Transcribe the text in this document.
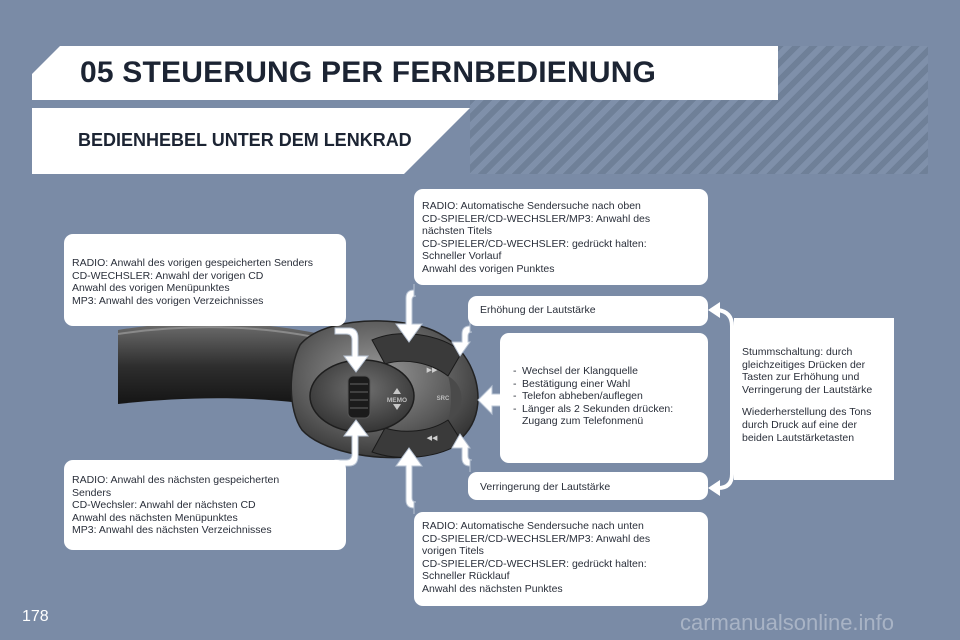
05 STEUERUNG PER FERNBEDIENUNG
BEDIENHEBEL UNTER DEM LENKRAD
MEMO	SRC
▶▶
◀◀
RADIO: Anwahl des vorigen gespeicherten Senders
CD-WECHSLER: Anwahl der vorigen CD
Anwahl des vorigen Menüpunktes
MP3: Anwahl des vorigen Verzeichnisses
RADIO: Automatische Sendersuche nach oben
CD-SPIELER/CD-WECHSLER/MP3: Anwahl des
nächsten Titels
CD-SPIELER/CD-WECHSLER: gedrückt halten:
Schneller Vorlauf
Anwahl des vorigen Punktes
Erhöhung der Lautstärke
- Wechsel der Klangquelle
- Bestätigung einer Wahl
- Telefon abheben/auflegen
- Länger als 2 Sekunden drücken:
Zugang zum Telefonmenü
Stummschaltung: durch
gleichzeitiges Drücken der
Tasten zur Erhöhung und
Verringerung der Lautstärke
Wiederherstellung des Tons
durch Druck auf eine der
beiden Lautstärketasten
Verringerung der Lautstärke
RADIO: Anwahl des nächsten gespeicherten
Senders
CD-Wechsler: Anwahl der nächsten CD
Anwahl des nächsten Menüpunktes
MP3: Anwahl des nächsten Verzeichnisses	RADIO: Automatische Sendersuche nach unten
CD-SPIELER/CD-WECHSLER/MP3: Anwahl des
vorigen Titels
CD-SPIELER/CD-WECHSLER: gedrückt halten:
Schneller Rücklauf
Anwahl des nächsten Punktes
178	carmanualsonline.info
